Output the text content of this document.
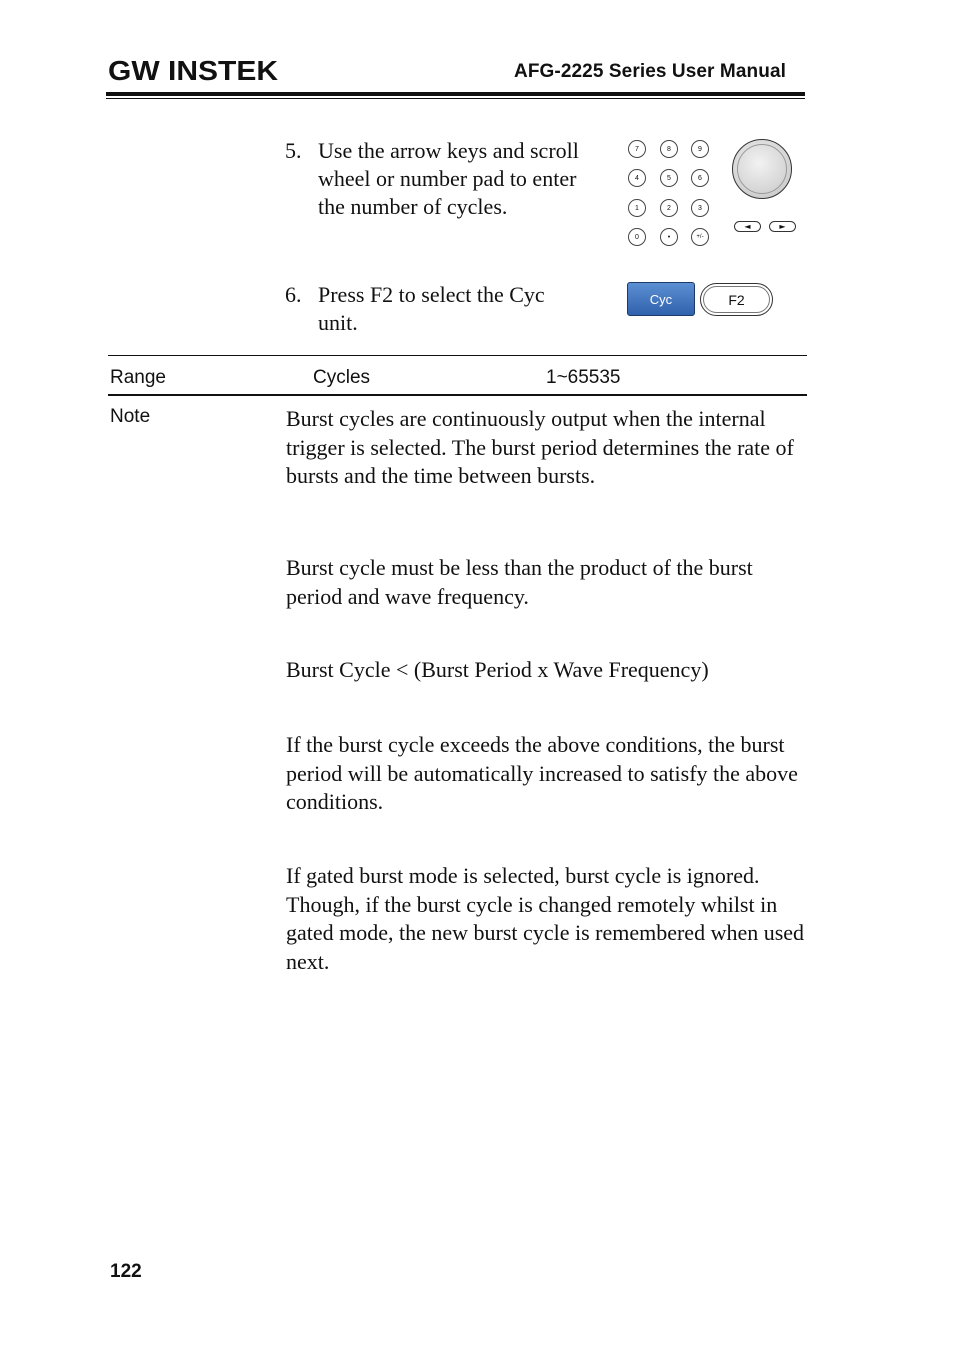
GW INSTEK	AFG-2225 Series User Manual
5. Use the arrow keys and scroll
wheel or number pad to enter
the number of cycles.
7	8	9
4	5	6
1	2	3
0	•	+/-
◄	►
6. Press F2 to select the Cyc
unit.
Cyc	F2
Range	Cycles	1~65535
Note	Burst cycles are continuously output when the internal trigger is selected. The burst period determines the rate of bursts and the time between bursts.

Burst cycle must be less than the product of the burst period and wave frequency.

Burst Cycle < (Burst Period x Wave Frequency)

If the burst cycle exceeds the above conditions, the burst period will be automatically increased to satisfy the above conditions.

If gated burst mode is selected, burst cycle is ignored. Though, if the burst cycle is changed remotely whilst in gated mode, the new burst cycle is remembered when used next.

122
